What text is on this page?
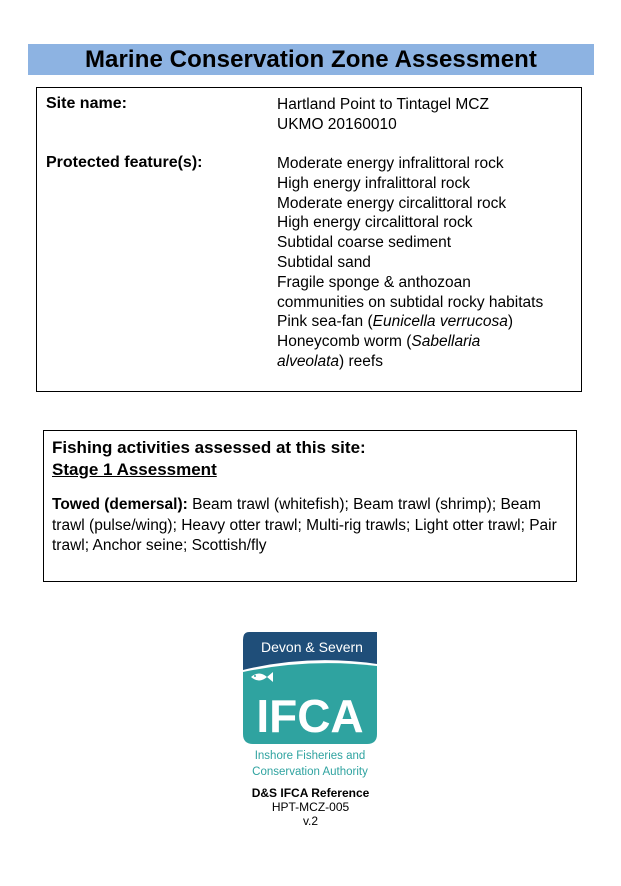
Marine Conservation Zone Assessment
Site name:	Hartland Point to Tintagel MCZ
UKMO 20160010
Protected feature(s):	Moderate energy infralittoral rock
High energy infralittoral rock
Moderate energy circalittoral rock
High energy circalittoral rock
Subtidal coarse sediment
Subtidal sand
Fragile sponge & anthozoan
communities on subtidal rocky habitats
Pink sea-fan (Eunicella verrucosa)
Honeycomb worm (Sabellaria
alveolata) reefs
Fishing activities assessed at this site:
Stage 1 Assessment
Towed (demersal): Beam trawl (whitefish); Beam trawl (shrimp); Beam trawl (pulse/wing); Heavy otter trawl; Multi-rig trawls; Light otter trawl; Pair trawl; Anchor seine; Scottish/fly
Devon & Severn
IFCA
Inshore Fisheries and
Conservation Authority
D&S IFCA Reference
HPT-MCZ-005
v.2
